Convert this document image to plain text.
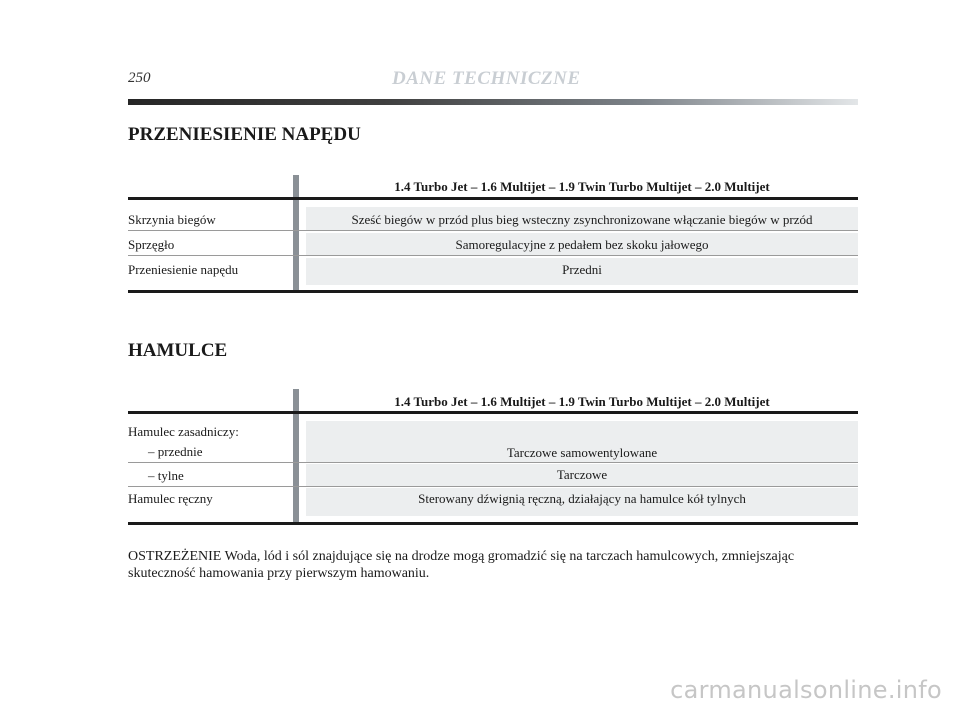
250	DANE TECHNICZNE
PRZENIESIENIE NAPĘDU
1.4 Turbo Jet – 1.6 Multijet – 1.9 Twin Turbo Multijet – 2.0 Multijet
Skrzynia biegów	Sześć biegów w przód plus bieg wsteczny zsynchronizowane włączanie biegów w przód
Sprzęgło	Samoregulacyjne z pedałem bez skoku jałowego
Przeniesienie napędu	Przedni
HAMULCE
1.4 Turbo Jet – 1.6 Multijet – 1.9 Twin Turbo Multijet – 2.0 Multijet
Hamulec zasadniczy:
– przednie	Tarczowe samowentylowane
– tylne	Tarczowe
Hamulec ręczny	Sterowany dźwignią ręczną, działający na hamulce kół tylnych

OSTRZEŻENIE Woda, lód i sól znajdujące się na drodze mogą gromadzić się na tarczach hamulcowych, zmniejszając skuteczność hamowania przy pierwszym hamowaniu.

carmanualsonline.info
